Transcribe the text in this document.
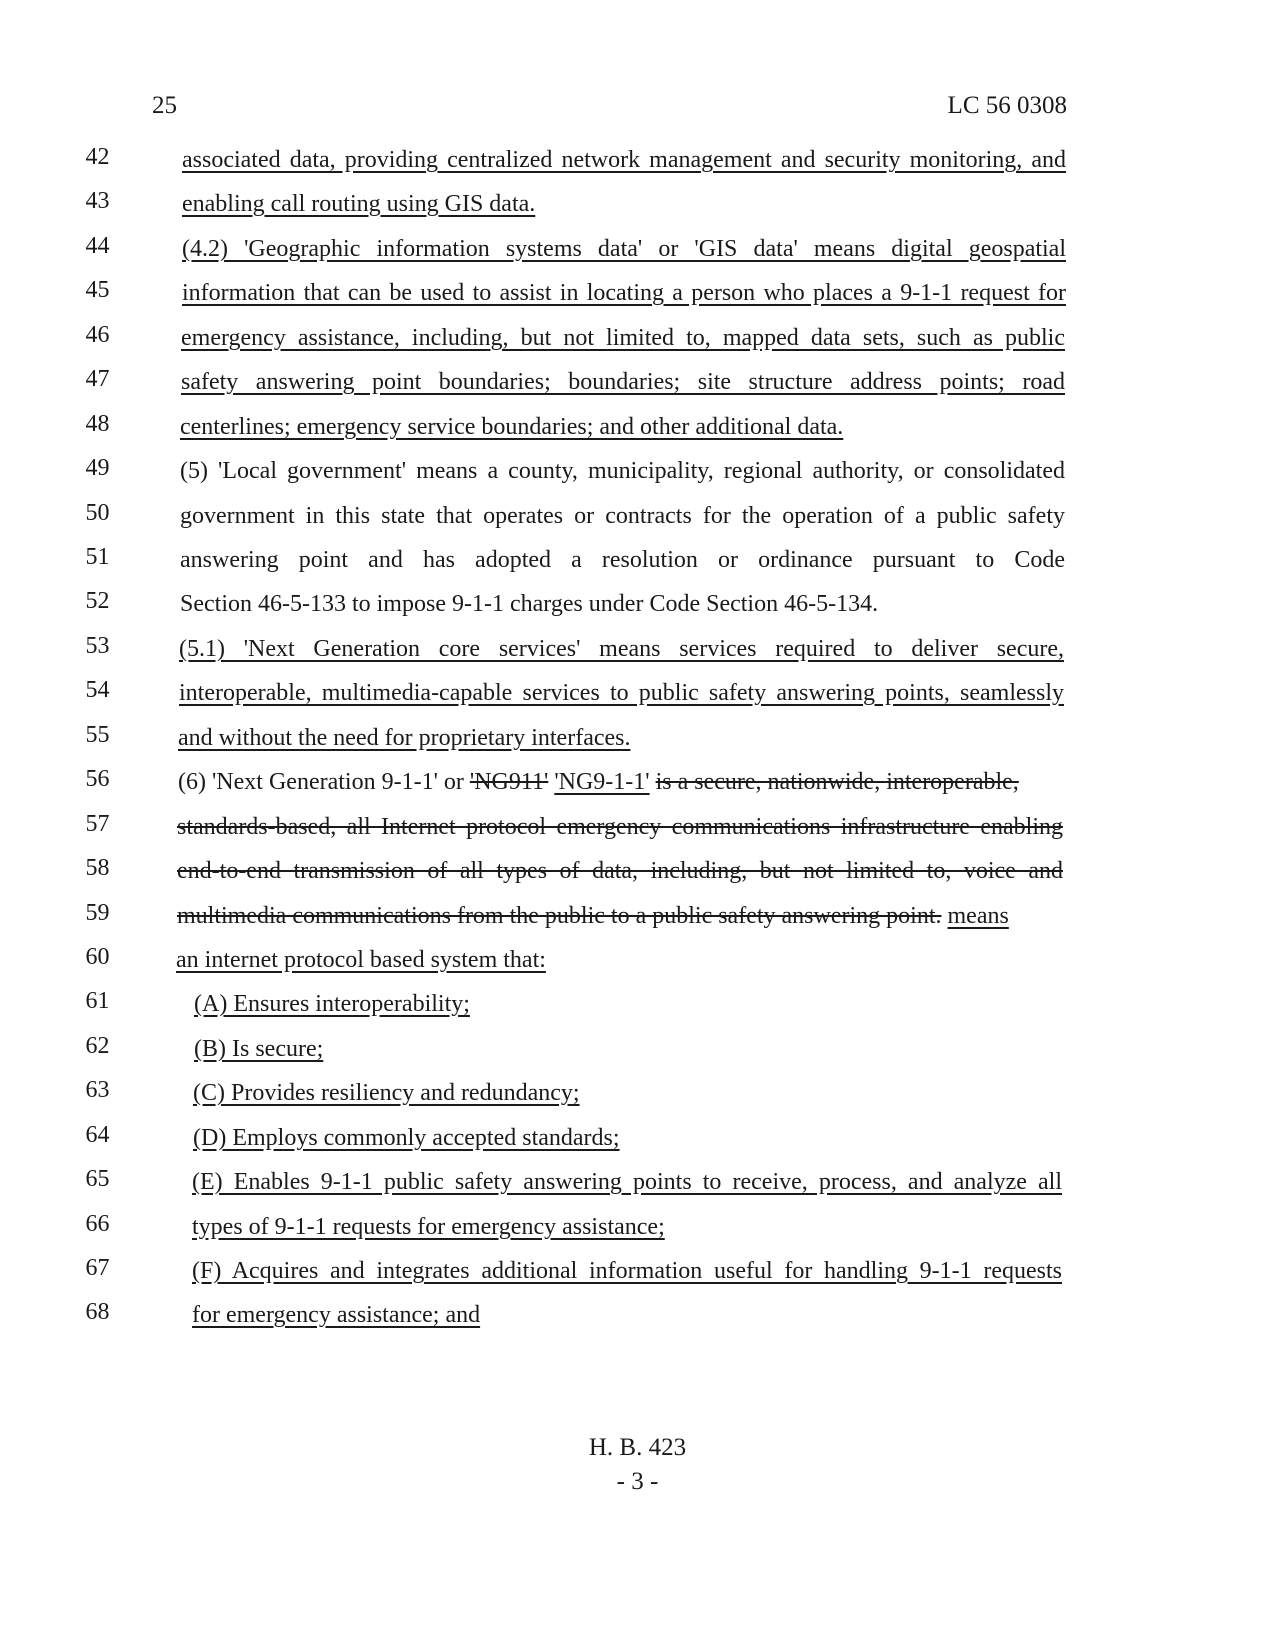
25	LC 56 0308
42	associated data, providing centralized network management and security monitoring, and
43	enabling call routing using GIS data.
44	(4.2) 'Geographic information systems data' or 'GIS data' means digital geospatial
45	information that can be used to assist in locating a person who places a 9-1-1 request for
46	emergency assistance, including, but not limited to, mapped data sets, such as public
47	safety answering point boundaries; boundaries; site structure address points; road
48	centerlines; emergency service boundaries; and other additional data.
49	(5) 'Local government' means a county, municipality, regional authority, or consolidated
50	government in this state that operates or contracts for the operation of a public safety
51	answering point and has adopted a resolution or ordinance pursuant to Code
52	Section 46-5-133 to impose 9-1-1 charges under Code Section 46-5-134.
53	(5.1) 'Next Generation core services' means services required to deliver secure,
54	interoperable, multimedia-capable services to public safety answering points, seamlessly
55	and without the need for proprietary interfaces.
56	(6) 'Next Generation 9-1-1' or 'NG911' 'NG9-1-1' is a secure, nationwide, interoperable,
57	standards-based, all Internet protocol emergency communications infrastructure enabling
58	end-to-end transmission of all types of data, including, but not limited to, voice and
59	multimedia communications from the public to a public safety answering point. means
60	an internet protocol based system that:
61	(A) Ensures interoperability;
62	(B) Is secure;
63	(C) Provides resiliency and redundancy;
64	(D) Employs commonly accepted standards;
65	(E) Enables 9-1-1 public safety answering points to receive, process, and analyze all
66	types of 9-1-1 requests for emergency assistance;
67	(F) Acquires and integrates additional information useful for handling 9-1-1 requests
68	for emergency assistance; and
H. B. 423
- 3 -
